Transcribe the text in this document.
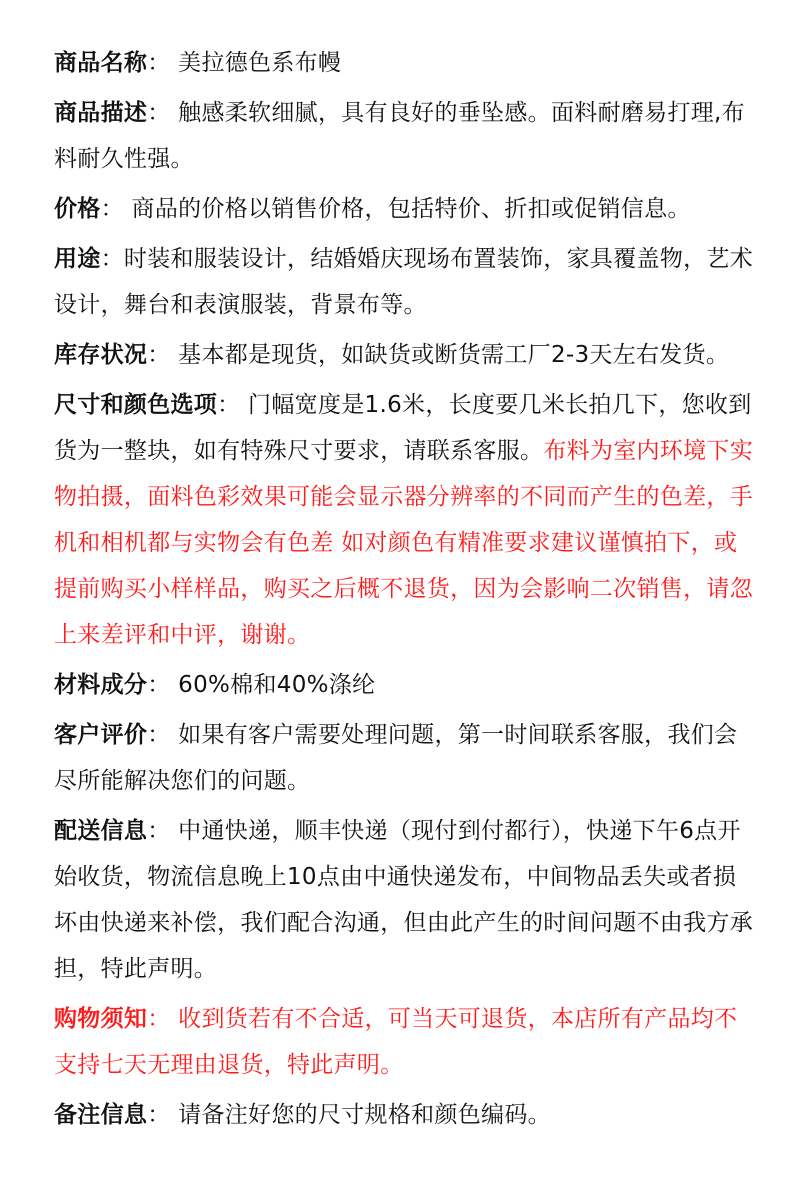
商品名称： 美拉德色系布幔
商品描述： 触感柔软细腻，具有良好的垂坠感。面料耐磨易打理,布料耐久性强。
价格： 商品的价格以销售价格，包括特价、折扣或促销信息。
用途：时装和服装设计，结婚婚庆现场布置装饰，家具覆盖物，艺术设计，舞台和表演服装，背景布等。
库存状况： 基本都是现货，如缺货或断货需工厂2-3天左右发货。
尺寸和颜色选项： 门幅宽度是1.6米，长度要几米长拍几下，您收到货为一整块，如有特殊尺寸要求，请联系客服。布料为室内环境下实物拍摄，面料色彩效果可能会显示器分辨率的不同而产生的色差，手机和相机都与实物会有色差 如对颜色有精准要求建议谨慎拍下，或提前购买小样样品，购买之后概不退货，因为会影响二次销售，请忽上来差评和中评，谢谢。
材料成分： 60%棉和40%涤纶
客户评价： 如果有客户需要处理问题，第一时间联系客服，我们会尽所能解决您们的问题。
配送信息： 中通快递，顺丰快递（现付到付都行），快递下午6点开始收货，物流信息晚上10点由中通快递发布，中间物品丢失或者损坏由快递来补偿，我们配合沟通，但由此产生的时间问题不由我方承担，特此声明。
购物须知： 收到货若有不合适，可当天可退货，本店所有产品均不支持七天无理由退货，特此声明。
备注信息： 请备注好您的尺寸规格和颜色编码。
